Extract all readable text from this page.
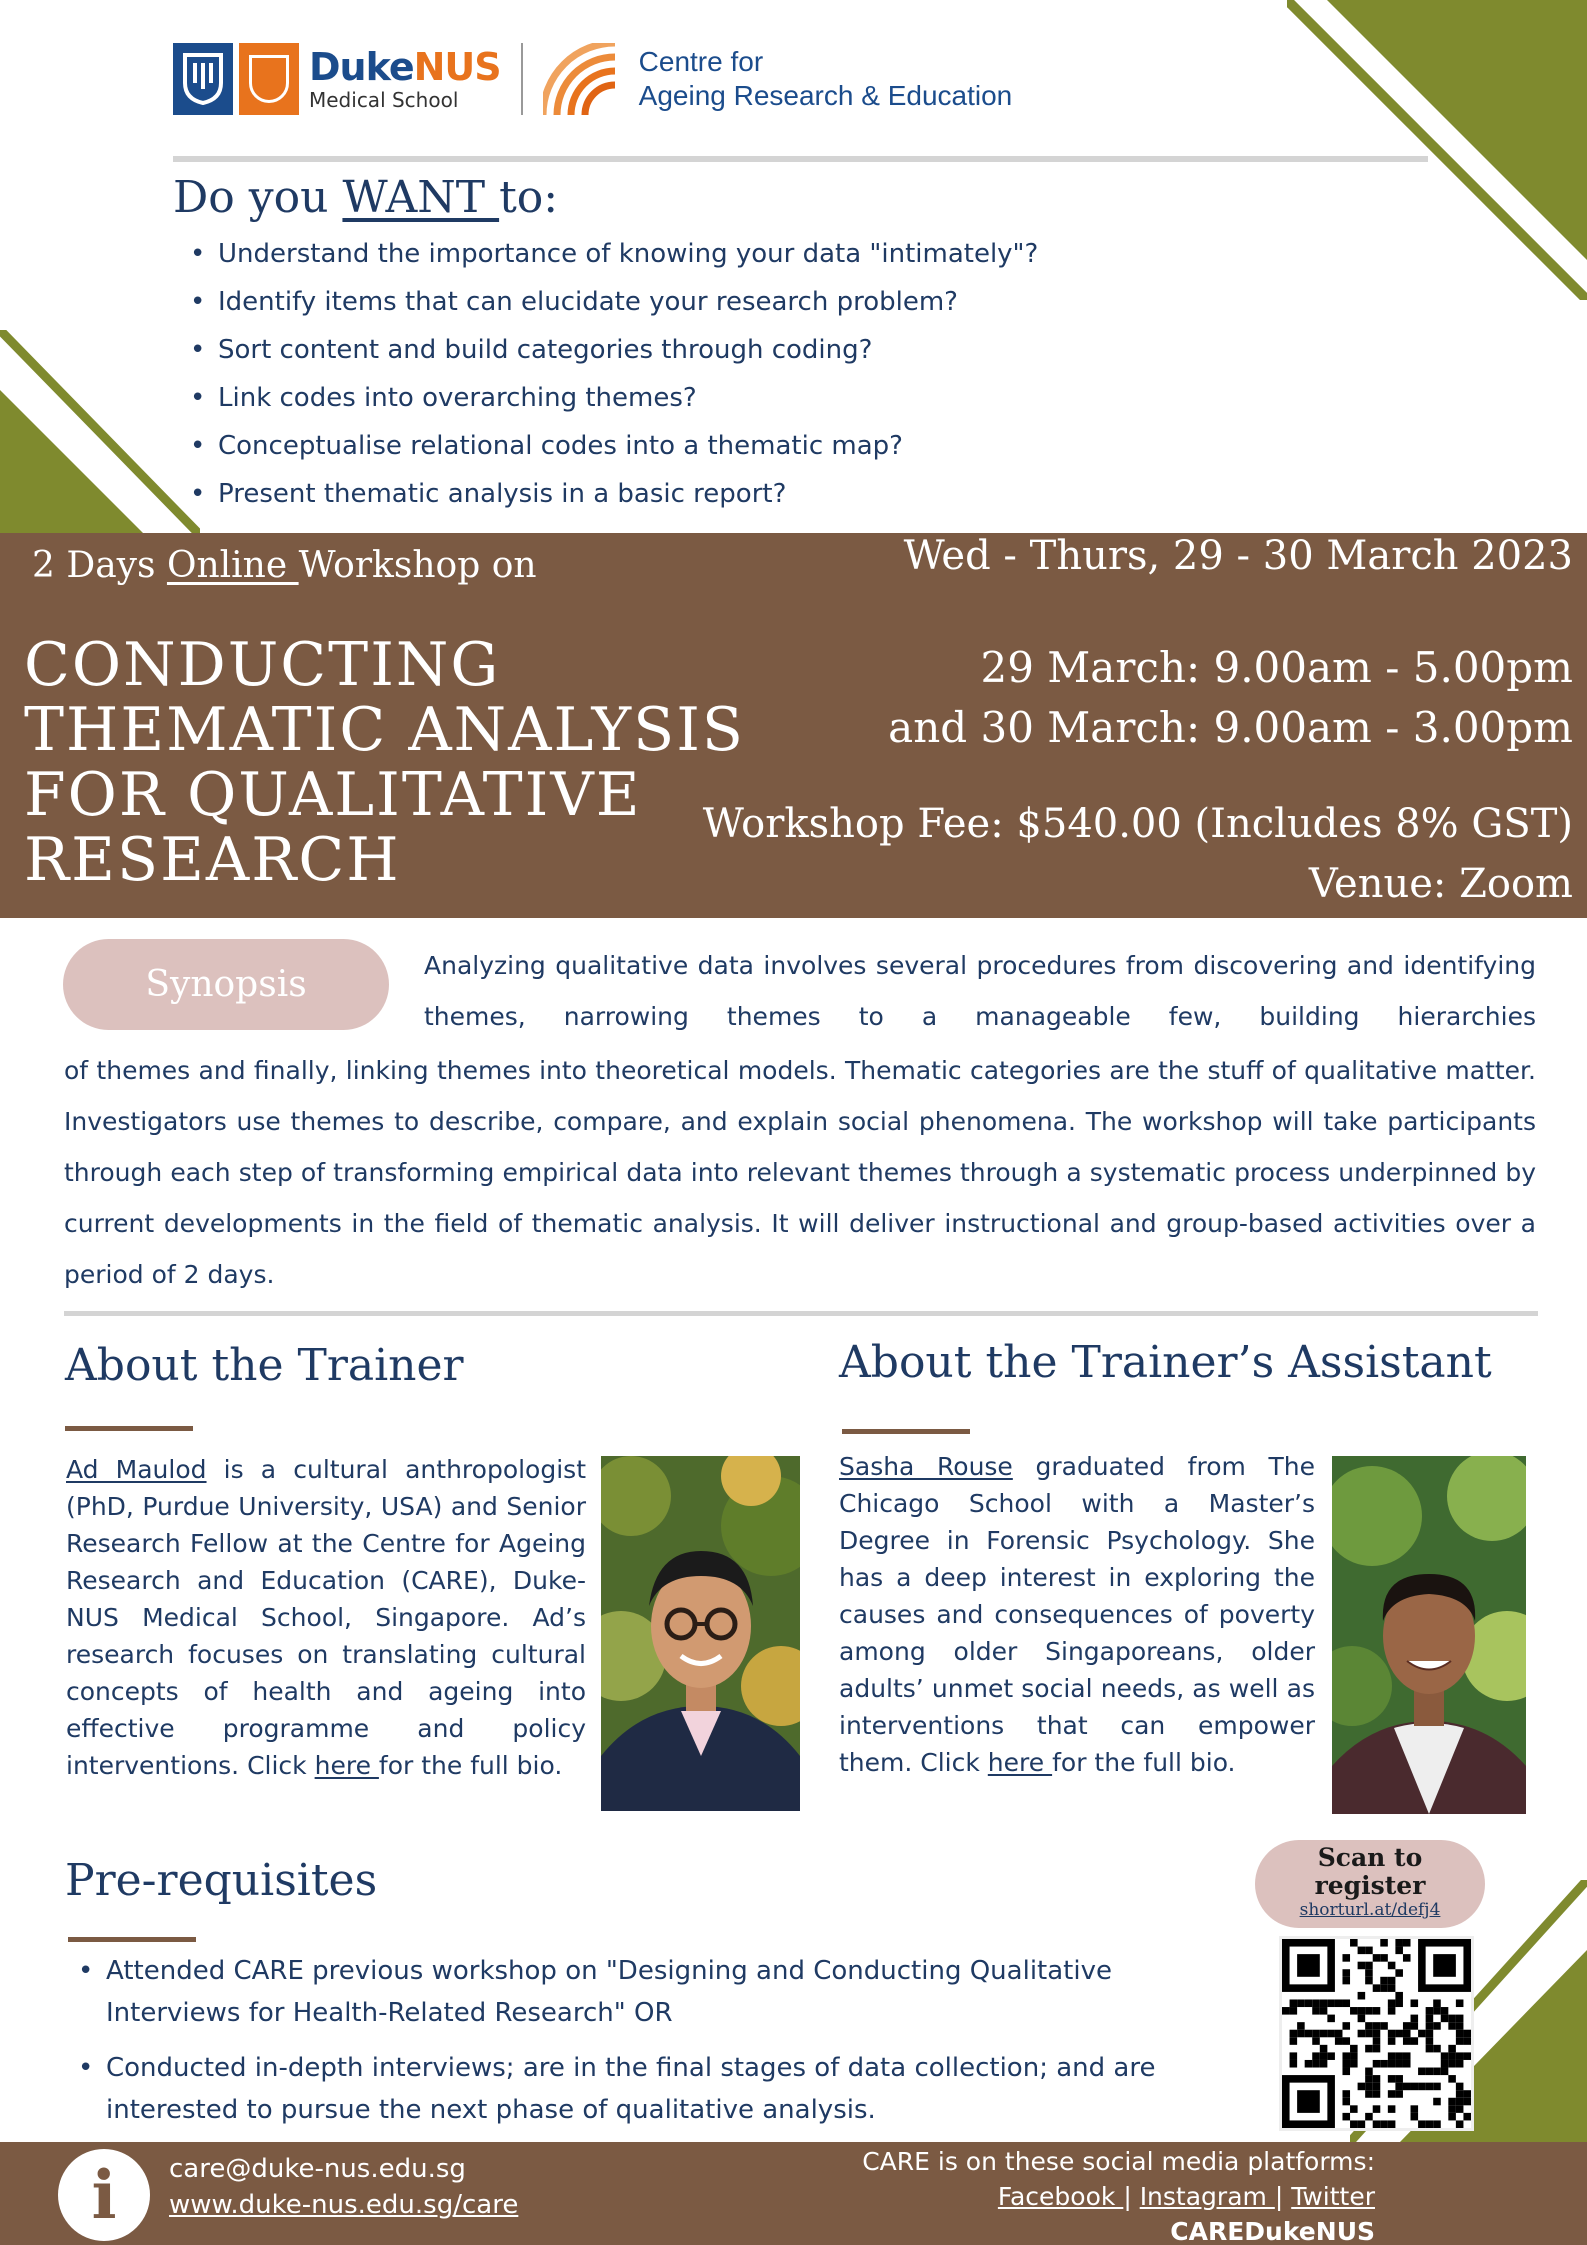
DukeNUS
Medical School
Centre for
Ageing Research & Education
Do you WANT to:
• Understand the importance of knowing your data "intimately"?
• Identify items that can elucidate your research problem?
• Sort content and build categories through coding?
• Link codes into overarching themes?
• Conceptualise relational codes into a thematic map?
• Present thematic analysis in a basic report?
2 Days Online Workshop on	Wed - Thurs, 29 - 30 March 2023
CONDUCTING
THEMATIC ANALYSIS
FOR QUALITATIVE
RESEARCH
29 March: 9.00am - 5.00pm
and 30 March: 9.00am - 3.00pm
Workshop Fee: $540.00 (Includes 8% GST)
Venue: Zoom
Synopsis	Analyzing qualitative data involves several procedures from discovering and identifying themes, narrowing themes to a manageable few, building hierarchies
of themes and finally, linking themes into theoretical models. Thematic categories are the stuff of qualitative matter. Investigators use themes to describe, compare, and explain social phenomena. The workshop will take participants through each step of transforming empirical data into relevant themes through a systematic process underpinned by current developments in the field of thematic analysis. It will deliver instructional and group-based activities over a period of 2 days.
About the Trainer
Ad Maulod is a cultural anthropologist (PhD, Purdue University, USA) and Senior Research Fellow at the Centre for Ageing Research and Education (CARE), Duke-NUS Medical School, Singapore. Ad’s research focuses on translating cultural concepts of health and ageing into effective programme and policy interventions. Click here for the full bio.
About the Trainer’s Assistant
Sasha Rouse graduated from The Chicago School with a Master’s Degree in Forensic Psychology. She has a deep interest in exploring the causes and consequences of poverty among older Singaporeans, older adults’ unmet social needs, as well as interventions that can empower them. Click here for the full bio.
Pre-requisites
• Attended CARE previous workshop on "Designing and Conducting Qualitative Interviews for Health-Related Research" OR
• Conducted in-depth interviews; are in the final stages of data collection; and are interested to pursue the next phase of qualitative analysis.
Scan to
register
shorturl.at/defj4
i	care@duke-nus.edu.sg
www.duke-nus.edu.sg/care
CARE is on these social media platforms:
Facebook | Instagram | Twitter
CAREDukeNUS
